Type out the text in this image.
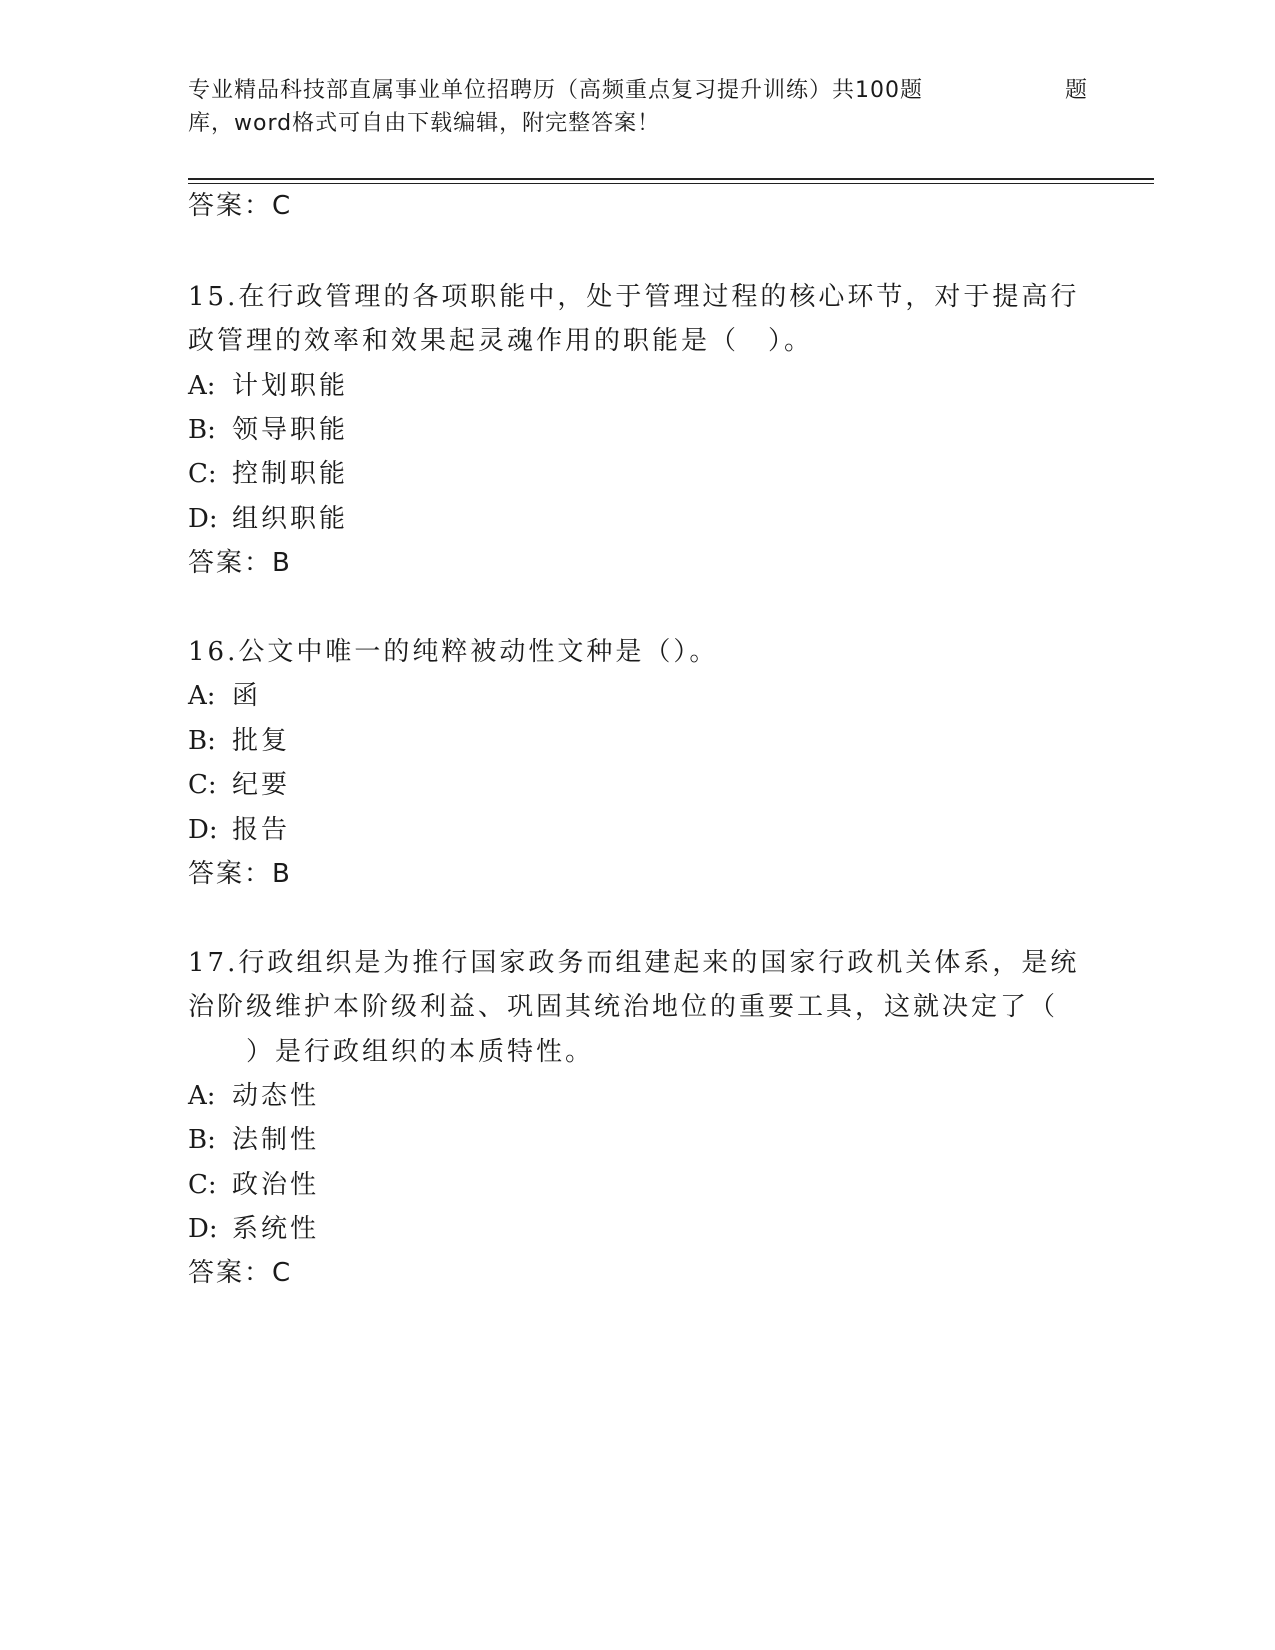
专业精品科技部直属事业单位招聘历（高频重点复习提升训练）共100题	题
库，word格式可自由下载编辑，附完整答案！
答案：C
15.在行政管理的各项职能中，处于管理过程的核心环节，对于提高行
政管理的效率和效果起灵魂作用的职能是（　）。
A: 计划职能
B: 领导职能
C: 控制职能
D: 组织职能
答案：B
16.公文中唯一的纯粹被动性文种是（）。
A: 函
B: 批复
C: 纪要
D: 报告
答案：B
17.行政组织是为推行国家政务而组建起来的国家行政机关体系，是统
治阶级维护本阶级利益、巩固其统治地位的重要工具，这就决定了（
　　）是行政组织的本质特性。
A: 动态性
B: 法制性
C: 政治性
D: 系统性
答案：C
